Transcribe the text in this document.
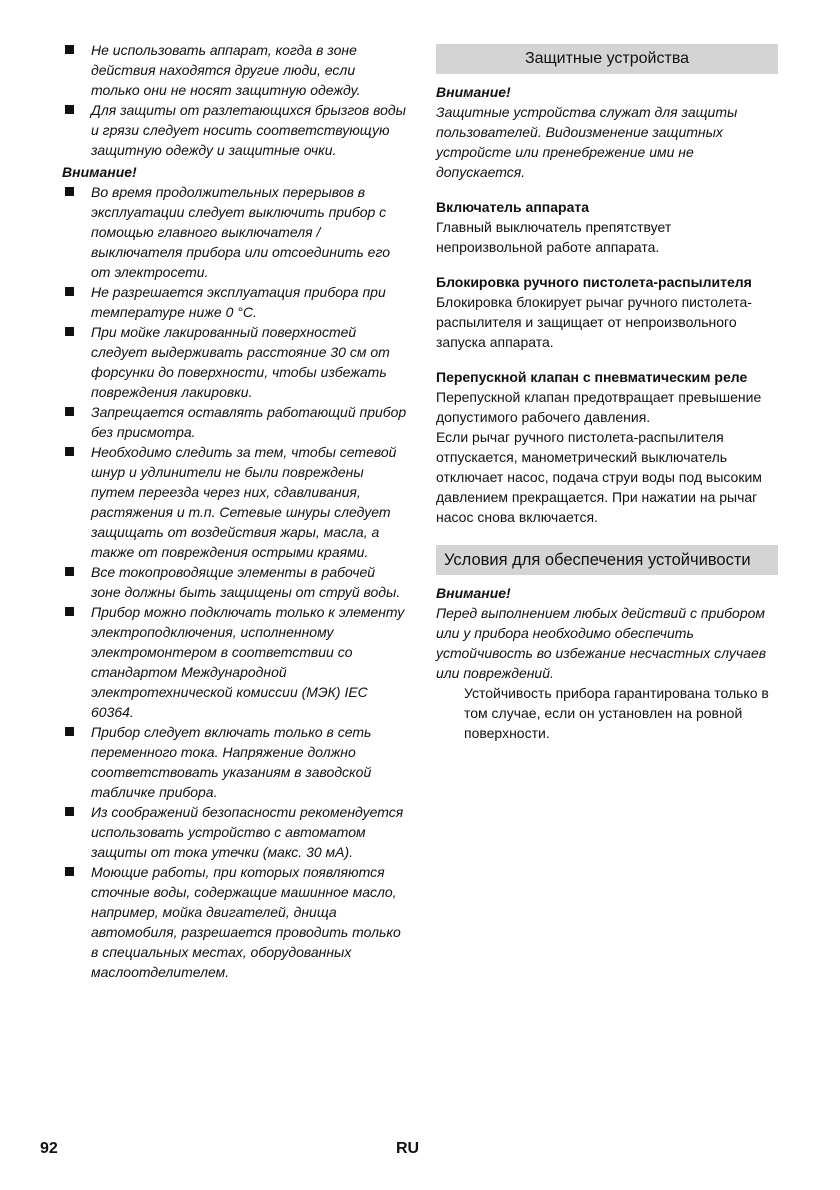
Не использовать аппарат, когда в зоне действия находятся другие люди, если только они не носят защитную одежду.
Для защиты от разлетающихся брызгов воды и грязи следует носить соответствующую защитную одежду и защитные очки.
Внимание!
Во время продолжительных перерывов в эксплуатации следует выключить прибор с помощью главного выключателя / выключателя прибора или отсоединить его от электросети.
Не разрешается эксплуатация прибора при температуре ниже 0 °C.
При мойке лакированный поверхностей следует выдерживать расстояние 30 см от форсунки до поверхности, чтобы избежать повреждения лакировки.
Запрещается оставлять работающий прибор без присмотра.
Необходимо следить за тем, чтобы сетевой шнур и удлинители не были повреждены путем переезда через них, сдавливания, растяжения и т.п. Сетевые шнуры следует защищать от воздействия жары, масла, а также от повреждения острыми краями.
Все токопроводящие элементы в рабочей зоне должны быть защищены от струй воды.
Прибор можно подключать только к элементу электроподключения, исполненному электромонтером в соответствии со стандартом Международной электротехнической комиссии (МЭК) IEC 60364.
Прибор следует включать только в сеть переменного тока. Напряжение должно соответствовать указаниям в заводской табличке прибора.
Из соображений безопасности рекомендуется использовать устройство с автоматом защиты от тока утечки (макс. 30 мА).
Моющие работы, при которых появляются сточные воды, содержащие машинное масло, например, мойка двигателей, днища автомобиля, разрешается проводить только в специальных местах, оборудованных маслоотделителем.
Защитные устройства
Внимание!
Защитные устройства служат для защиты пользователей. Видоизменение защитных устройсте или пренебрежение ими не допускается.
Включатель аппарата
Главный выключатель препятствует непроизвольной работе аппарата.
Блокировка ручного пистолета-распылителя
Блокировка блокирует рычаг ручного пистолета-распылителя и защищает от непроизвольного запуска аппарата.
Перепускной клапан с пневматическим реле
Перепускной клапан предотвращает превышение допустимого рабочего давления.
Если рычаг ручного пистолета-распылителя отпускается, манометрический выключатель отключает насос, подача струи воды под высоким давлением прекращается. При нажатии на рычаг насос снова включается.
Условия для обеспечения устойчивости
Внимание!
Перед выполнением любых действий с прибором или у прибора необходимо обеспечить устойчивость во избежание несчастных случаев или повреждений.
Устойчивость прибора гарантирована только в том случае, если он установлен на ровной поверхности.
92	RU
